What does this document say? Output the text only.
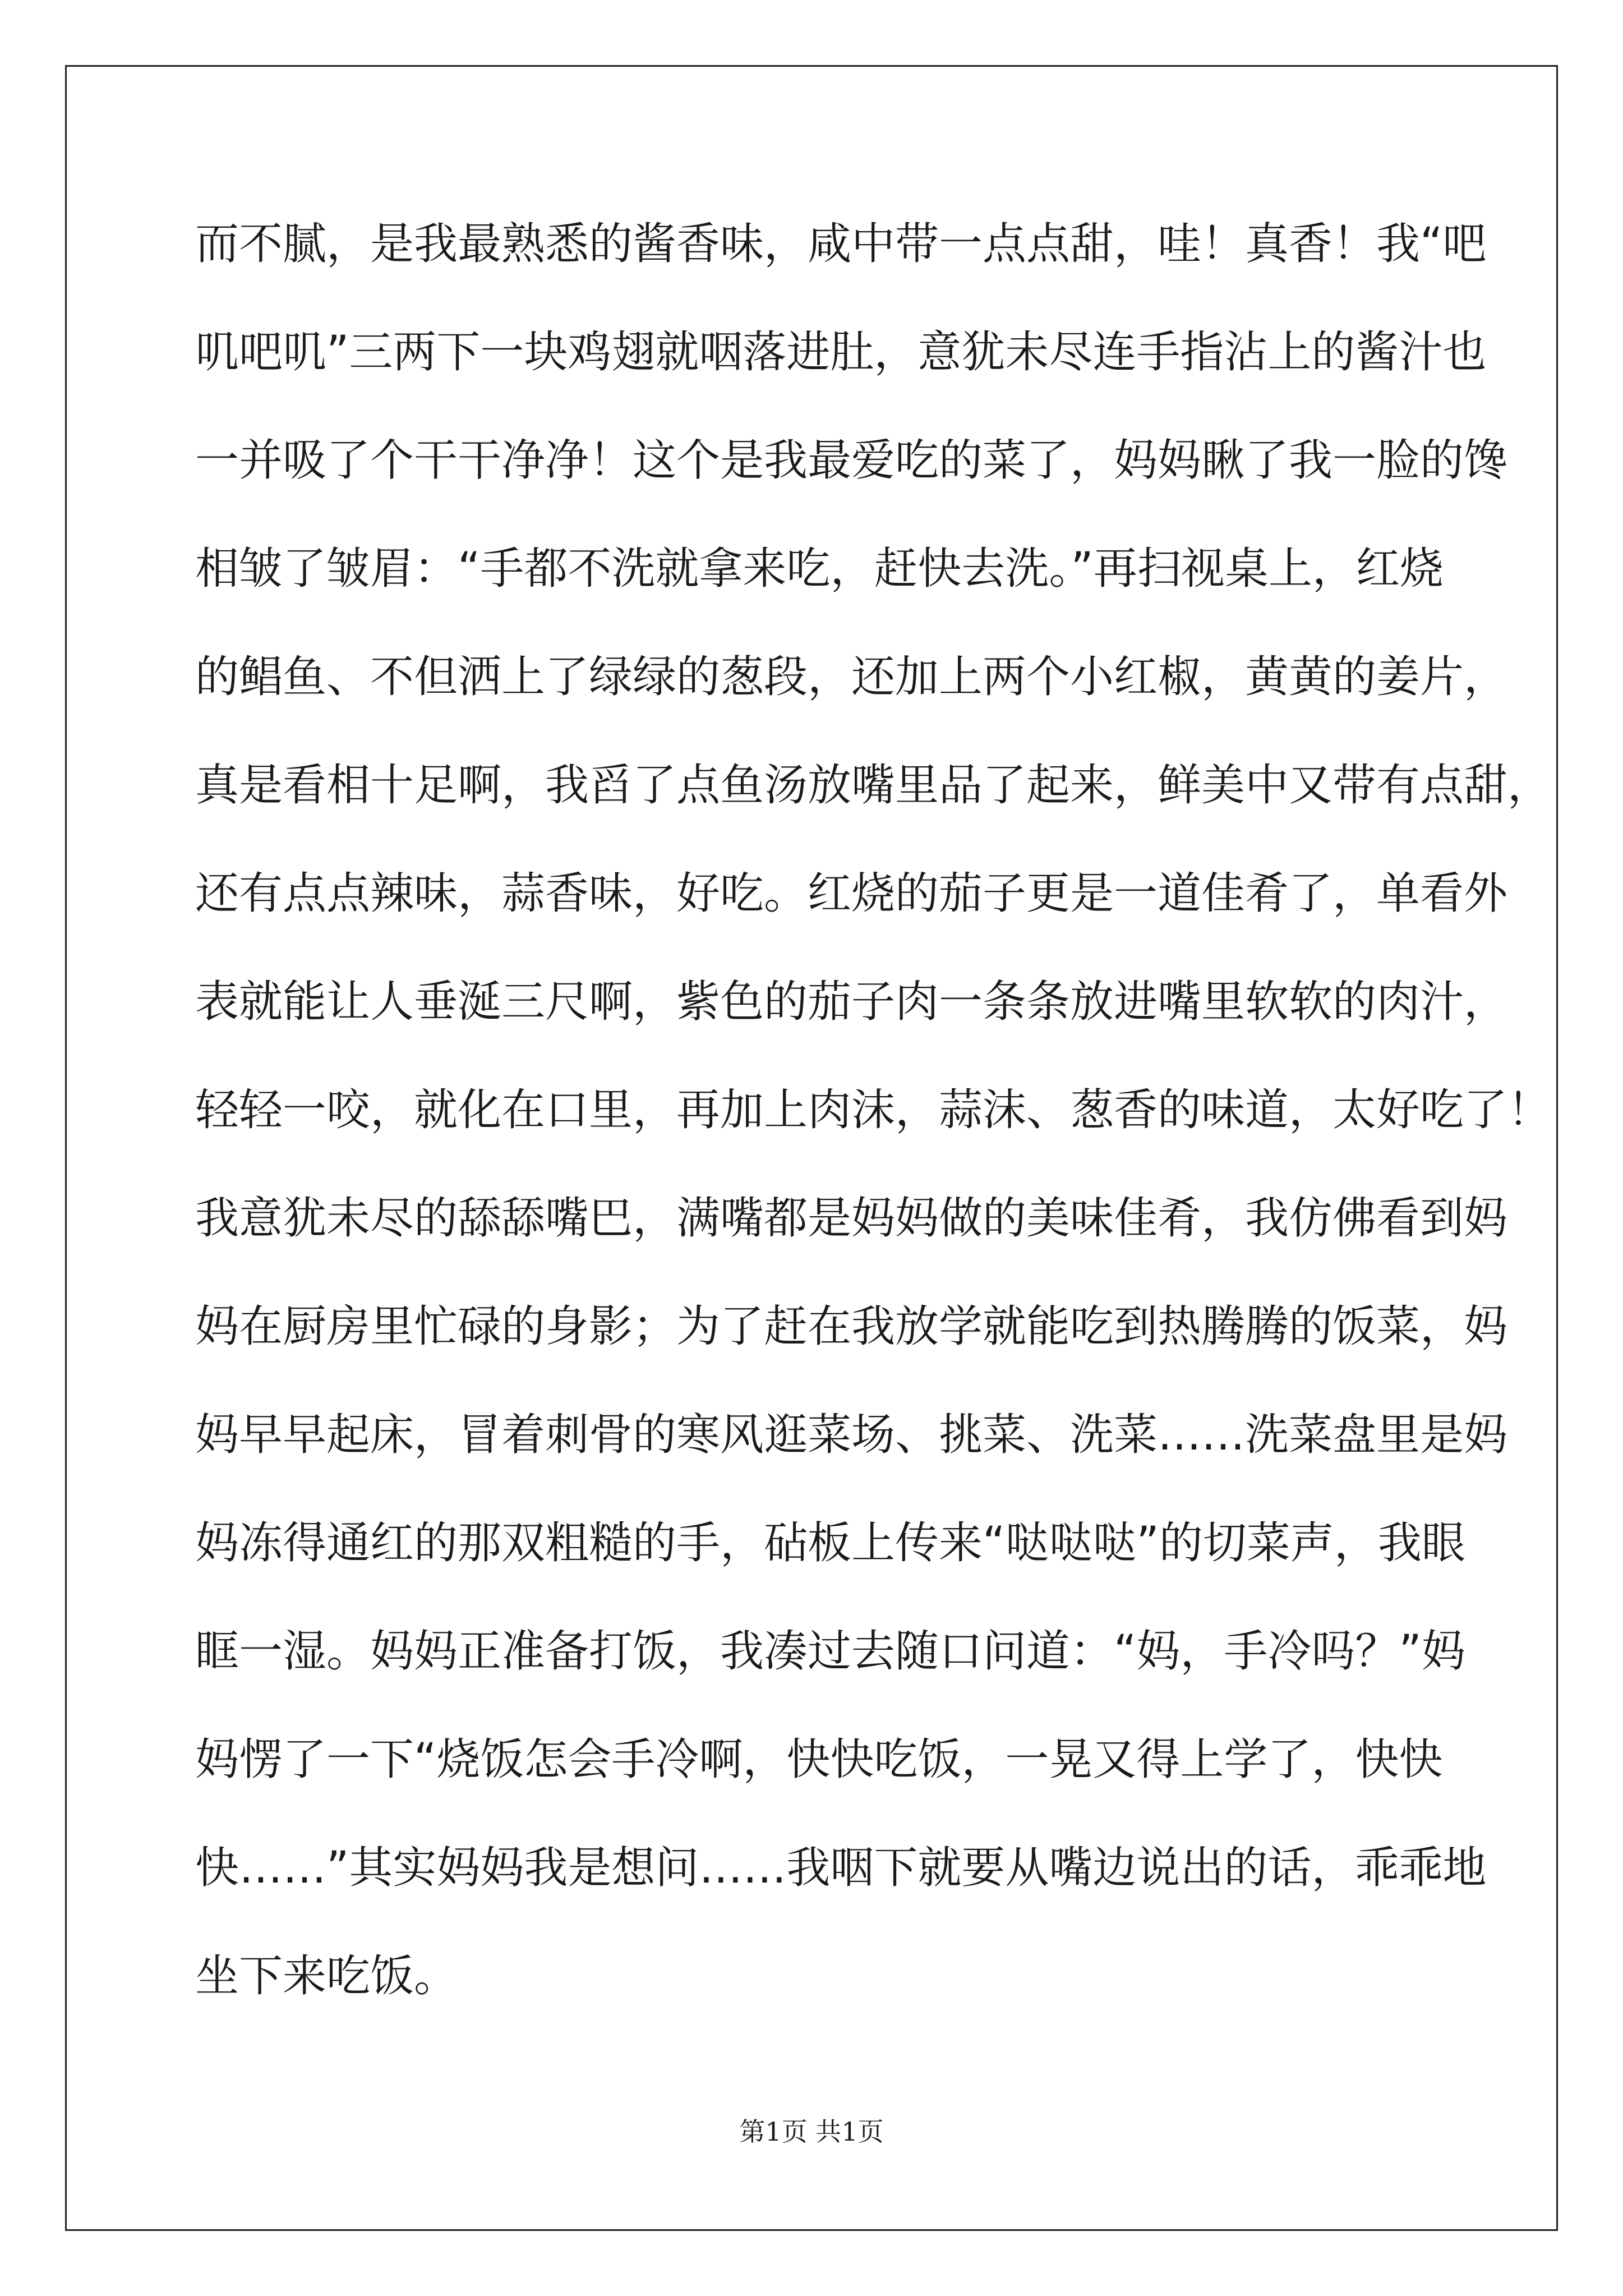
而不腻，是我最熟悉的酱香味，咸中带一点点甜，哇！真香！我“吧
叽吧叽”三两下一块鸡翅就咽落进肚，意犹未尽连手指沾上的酱汁也
一并吸了个干干净净！这个是我最爱吃的菜了，妈妈瞅了我一脸的馋
相皱了皱眉：“手都不洗就拿来吃，赶快去洗。”再扫视桌上，红烧
的鲳鱼、不但洒上了绿绿的葱段，还加上两个小红椒，黄黄的姜片，
真是看相十足啊，我舀了点鱼汤放嘴里品了起来，鲜美中又带有点甜，
还有点点辣味，蒜香味，好吃。红烧的茄子更是一道佳肴了，单看外
表就能让人垂涎三尺啊，紫色的茄子肉一条条放进嘴里软软的肉汁，
轻轻一咬，就化在口里，再加上肉沫，蒜沫、葱香的味道，太好吃了！
我意犹未尽的舔舔嘴巴，满嘴都是妈妈做的美味佳肴，我仿佛看到妈
妈在厨房里忙碌的身影；为了赶在我放学就能吃到热腾腾的饭菜，妈
妈早早起床，冒着刺骨的寒风逛菜场、挑菜、洗菜……洗菜盘里是妈
妈冻得通红的那双粗糙的手，砧板上传来“哒哒哒”的切菜声，我眼
眶一湿。妈妈正准备打饭，我凑过去随口问道：“妈，手冷吗？”妈
妈愣了一下“烧饭怎会手冷啊，快快吃饭，一晃又得上学了，快快
快……”其实妈妈我是想问……我咽下就要从嘴边说出的话，乖乖地
坐下来吃饭。
第1页 共1页
